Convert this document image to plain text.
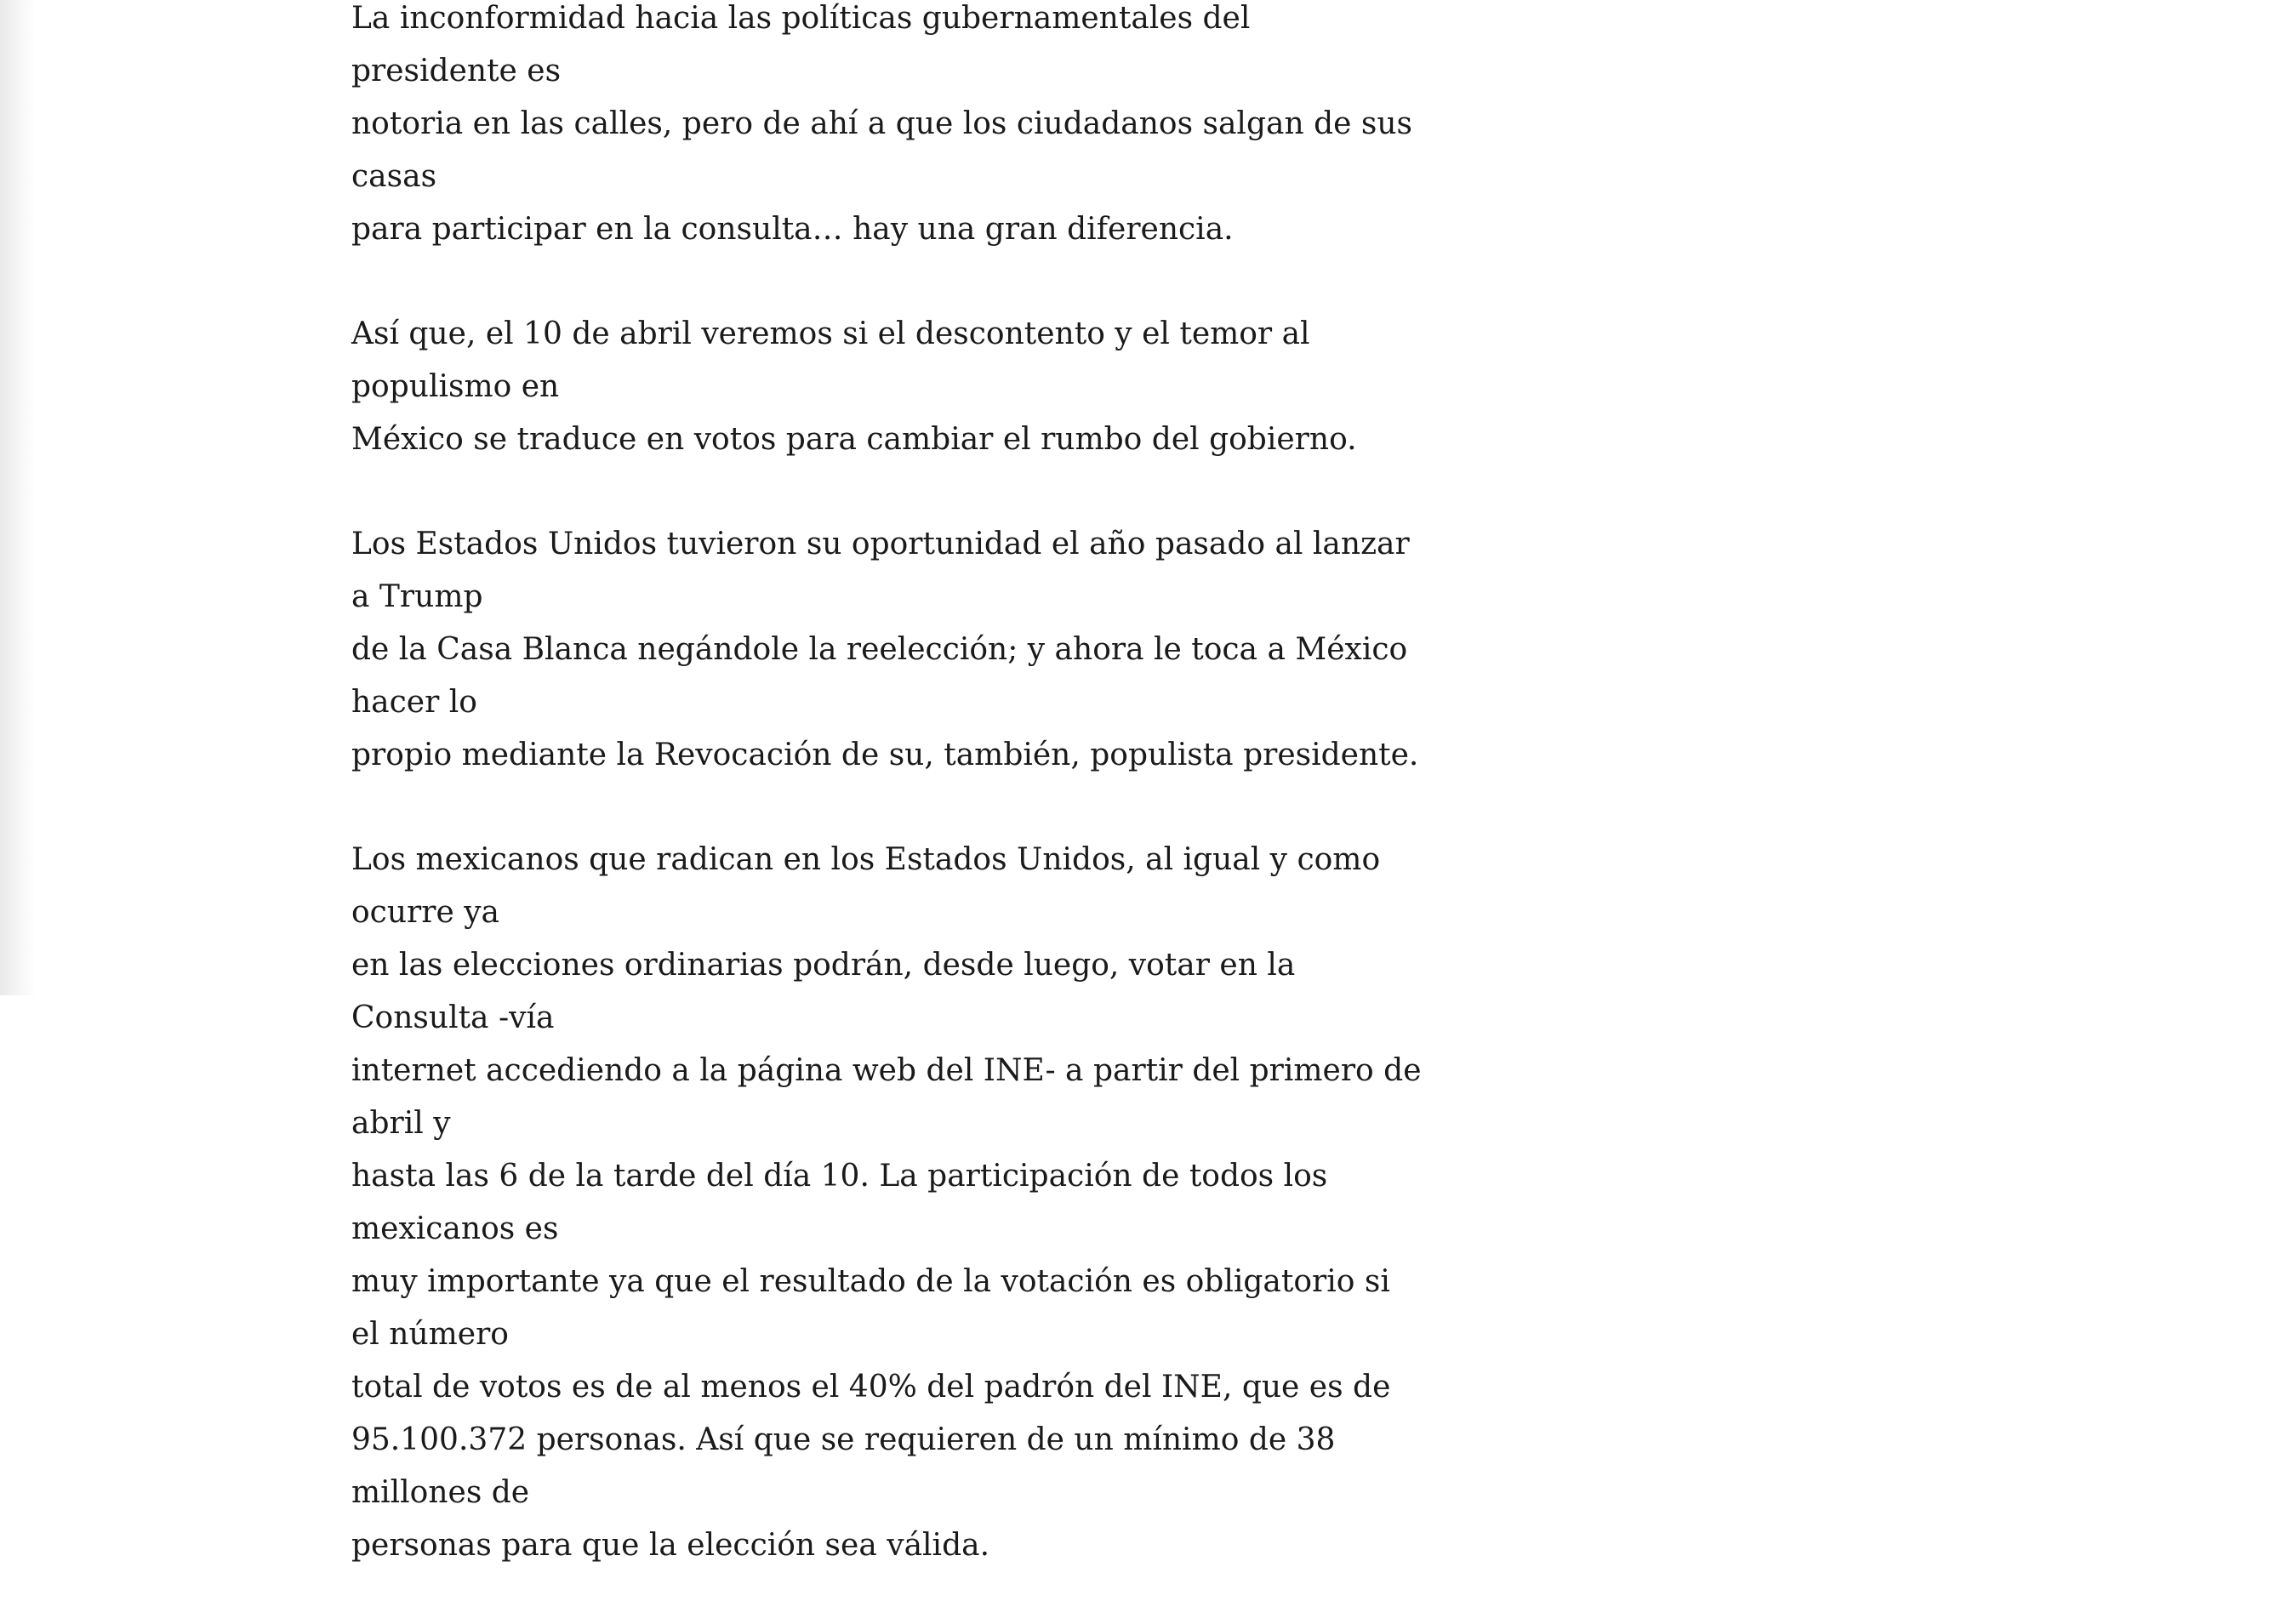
La inconformidad hacia las políticas gubernamentales del presidente es
notoria en las calles, pero de ahí a que los ciudadanos salgan de sus casas
para participar en la consulta… hay una gran diferencia.

Así que, el 10 de abril veremos si el descontento y el temor al populismo en
México se traduce en votos para cambiar el rumbo del gobierno.

Los Estados Unidos tuvieron su oportunidad el año pasado al lanzar a Trump
de la Casa Blanca negándole la reelección; y ahora le toca a México hacer lo
propio mediante la Revocación de su, también, populista presidente.

Los mexicanos que radican en los Estados Unidos, al igual y como ocurre ya
en las elecciones ordinarias podrán, desde luego, votar en la Consulta -vía
internet accediendo a la página web del INE- a partir del primero de abril y
hasta las 6 de la tarde del día 10. La participación de todos los mexicanos es
muy importante ya que el resultado de la votación es obligatorio si el número
total de votos es de al menos el 40% del padrón del INE, que es de
95.100.372 personas. Así que se requieren de un mínimo de 38 millones de
personas para que la elección sea válida.
